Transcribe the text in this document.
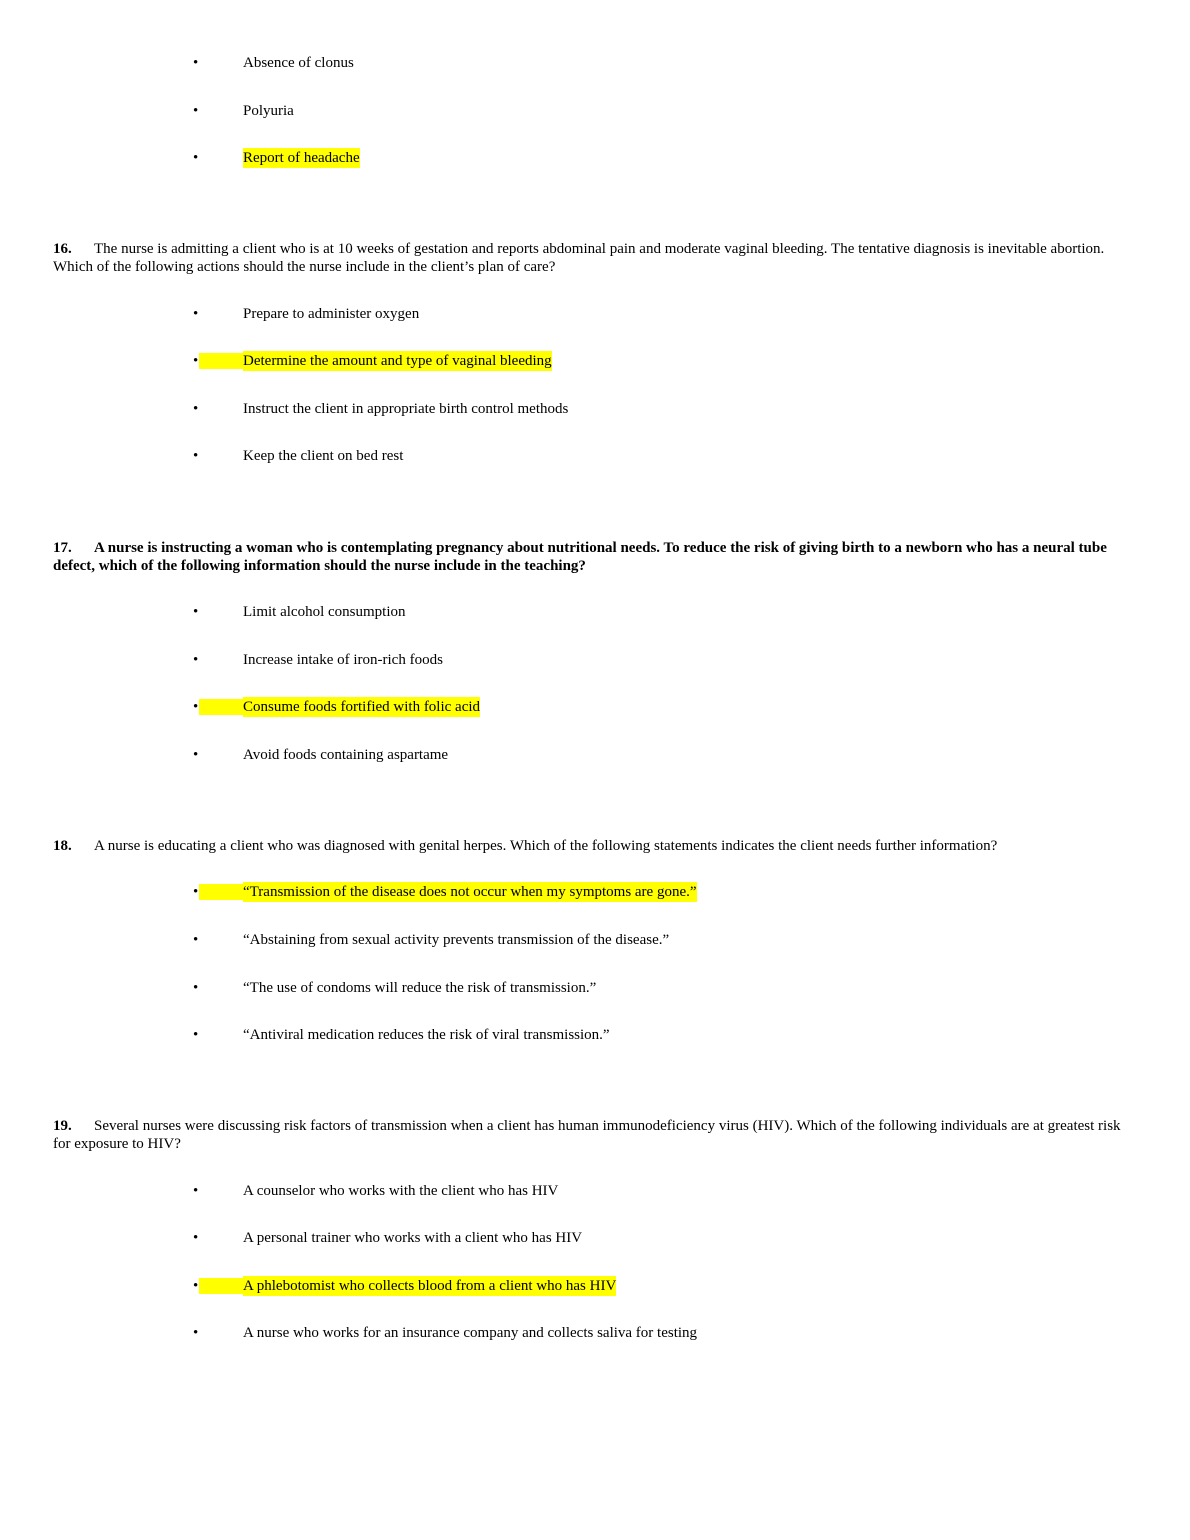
•	Absence of clonus
•	Polyuria
•	Report of headache
16. The nurse is admitting a client who is at 10 weeks of gestation and reports abdominal pain and moderate vaginal bleeding. The tentative diagnosis is inevitable abortion. Which of the following actions should the nurse include in the client’s plan of care?
•	Prepare to administer oxygen
•	Determine the amount and type of vaginal bleeding
•	Instruct the client in appropriate birth control methods
•	Keep the client on bed rest
17. A nurse is instructing a woman who is contemplating pregnancy about nutritional needs. To reduce the risk of giving birth to a newborn who has a neural tube defect, which of the following information should the nurse include in the teaching?
•	Limit alcohol consumption
•	Increase intake of iron-rich foods
•	Consume foods fortified with folic acid
•	Avoid foods containing aspartame
18. A nurse is educating a client who was diagnosed with genital herpes. Which of the following statements indicates the client needs further information?
•	“Transmission of the disease does not occur when my symptoms are gone.”
•	“Abstaining from sexual activity prevents transmission of the disease.”
•	“The use of condoms will reduce the risk of transmission.”
•	“Antiviral medication reduces the risk of viral transmission.”
19. Several nurses were discussing risk factors of transmission when a client has human immunodeficiency virus (HIV). Which of the following individuals are at greatest risk for exposure to HIV?
•	A counselor who works with the client who has HIV
•	A personal trainer who works with a client who has HIV
•	A phlebotomist who collects blood from a client who has HIV
•	A nurse who works for an insurance company and collects saliva for testing
